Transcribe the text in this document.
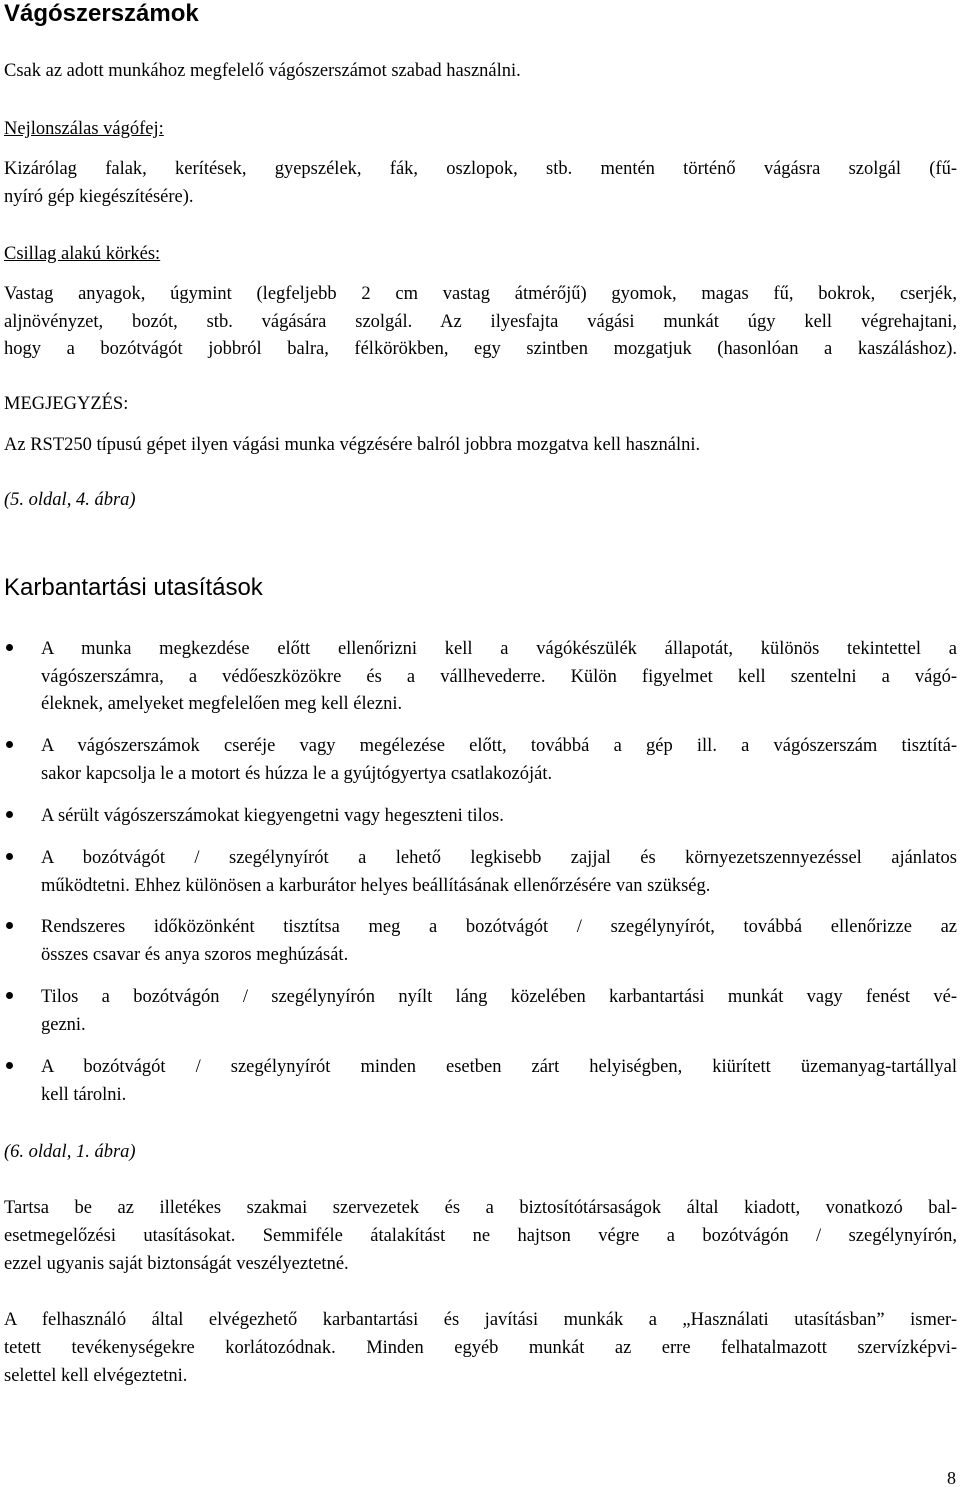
Vágószerszámok
Csak az adott munkához megfelelő vágószerszámot szabad használni.
Nejlonszálas vágófej:
Kizárólag falak, kerítések, gyepszélek, fák, oszlopok, stb. mentén történő vágásra szolgál (fű-
nyíró gép kiegészítésére).
Csillag alakú körkés:
Vastag anyagok, úgymint (legfeljebb 2 cm vastag átmérőjű) gyomok, magas fű, bokrok, cserjék,
aljnövényzet, bozót, stb. vágására szolgál. Az ilyesfajta vágási munkát úgy kell végrehajtani,
hogy a bozótvágót jobbról balra, félkörökben, egy szintben mozgatjuk (hasonlóan a kaszáláshoz).
MEGJEGYZÉS:
Az RST250 típusú gépet ilyen vágási munka végzésére balról jobbra mozgatva kell használni.
(5. oldal, 4. ábra)
Karbantartási utasítások
A munka megkezdése előtt ellenőrizni kell a vágókészülék állapotát, különös tekintettel a
vágószerszámra, a védőeszközökre és a vállhevederre. Külön figyelmet kell szentelni a vágó-
éleknek, amelyeket megfelelően meg kell élezni.
A vágószerszámok cseréje vagy megélezése előtt, továbbá a gép ill. a vágószerszám tisztítá-
sakor kapcsolja le a motort és húzza le a gyújtógyertya csatlakozóját.
A sérült vágószerszámokat kiegyengetni vagy hegeszteni tilos.
A bozótvágót / szegélynyírót a lehető legkisebb zajjal és környezetszennyezéssel ajánlatos
működtetni. Ehhez különösen a karburátor helyes beállításának ellenőrzésére van szükség.
Rendszeres időközönként tisztítsa meg a bozótvágót / szegélynyírót, továbbá ellenőrizze az
összes csavar és anya szoros meghúzását.
Tilos a bozótvágón / szegélynyírón nyílt láng közelében karbantartási munkát vagy fenést vé-
gezni.
A bozótvágót / szegélynyírót minden esetben zárt helyiségben, kiürített üzemanyag-tartállyal
kell tárolni.
(6. oldal, 1. ábra)
Tartsa be az illetékes szakmai szervezetek és a biztosítótársaságok által kiadott, vonatkozó bal-
esetmegelőzési utasításokat. Semmiféle átalakítást ne hajtson végre a bozótvágón / szegélynyírón,
ezzel ugyanis saját biztonságát veszélyeztetné.
A felhasználó által elvégezhető karbantartási és javítási munkák a „Használati utasításban” ismer-
tetett tevékenységekre korlátozódnak. Minden egyéb munkát az erre felhatalmazott szervízképvi-
selettel kell elvégeztetni.
8
